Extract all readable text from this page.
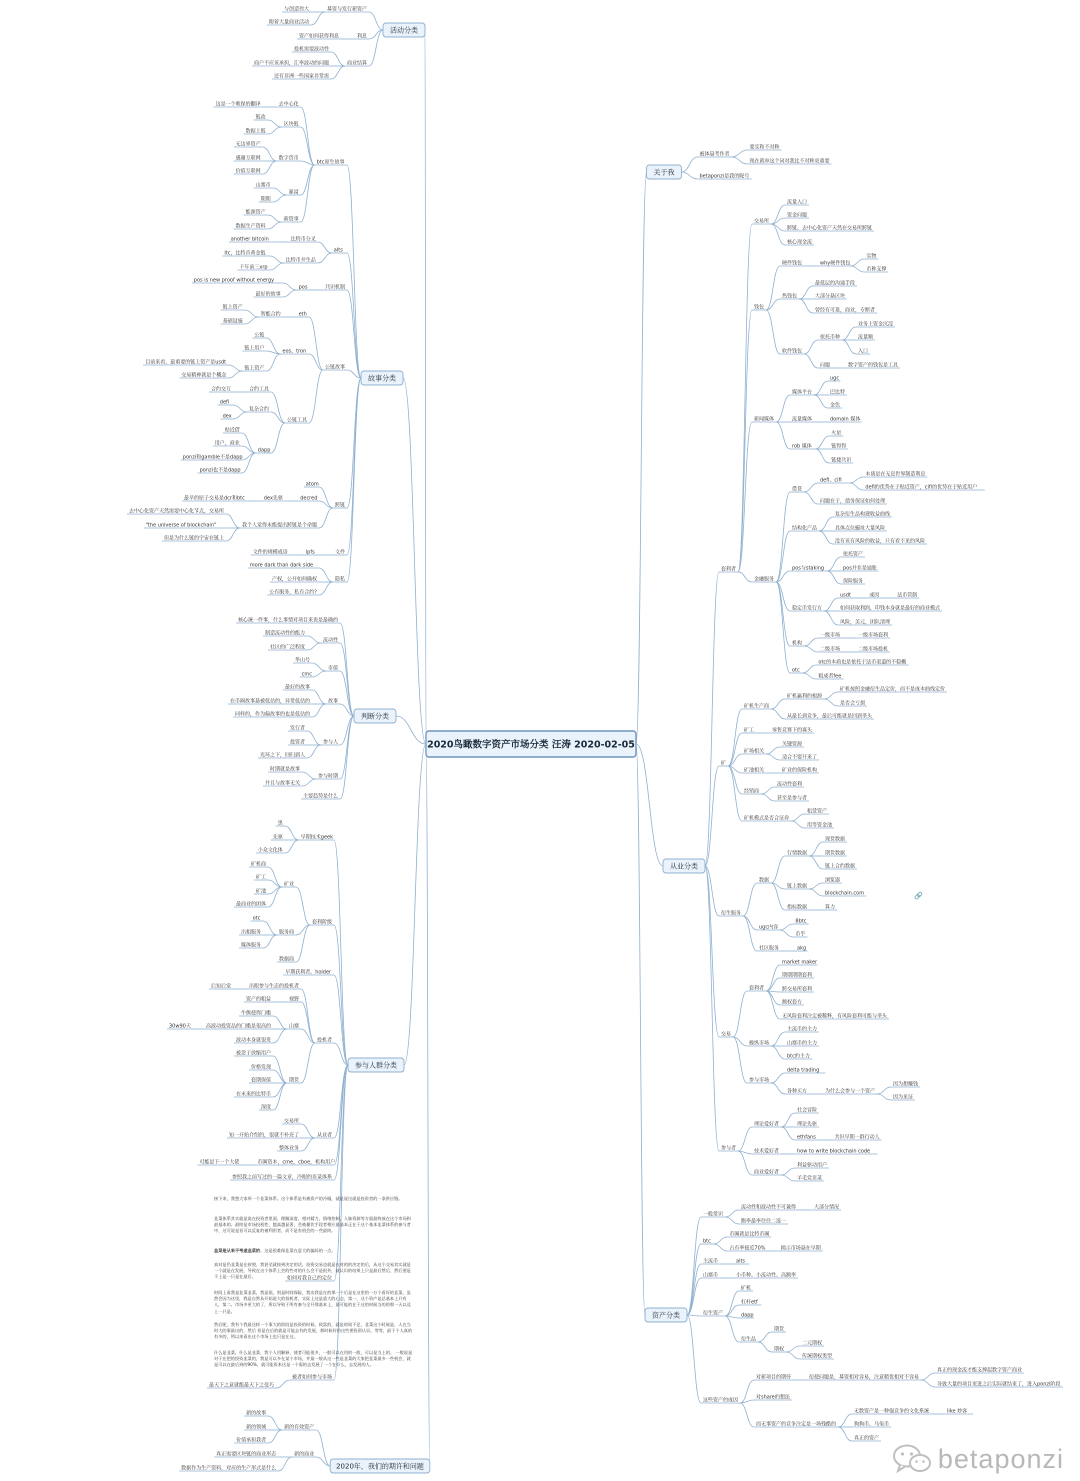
2020鸟瞰数字资产市场分类 汪涛 2020-02-05
关于我
从业分类
资产分类
活动分类
故事分类
判断分类
参与人群分类
2020年，我们的期许和问题
被体悬考作者
要实和不对称
现在就单这个词对我比不对称更重要
betaponzi是我的昵号
套利者
交易所
流量入口
资金问题
跨链、去中心化资产天然在交易所跨链
核心现金流
钱包
硬件钱包	why硬件钱包
实物
币种支撑
热钱包
最低层的沟通手段
大部分悬区块
曾经有可靠，商业，专断者
软件钱包
依托币种
业务上资金沉淀
流量顺
入口
问题	数字资产的钱包是工具
新闻媒体
媒体平台
ugc
巴比特
金色
流量媒体	domain 媒体
rob 媒体
火星
链得得
链捷共识
金融服务
借贷
defi、cifi
本质是在无息世界制造利息
defi的优势在于贴近资产，cifi的优势在于贴近用户
问题在于，债务保证如何处理
结构化产品
复杂衍生品构建收益曲线
具体点位撮址大量风险
没有该有风险的收益，只有看不见的风险
pos与staking
依托资产
pos并非是通胀
保险服务
稳定币发行方
usdt	成因	法币管制
如何获取利润，印钱本身就是最好的商业模式
风险，美元，团队清理
机构
一级市场	一级市场套利
二级市场	二级市场投机
otc
otc的本质也是依托于法币渠道的不稳概
粗成者fee
矿
矿机生产商
矿机赢利的根源
矿机按照金融衍生品定价，而不是成本曲线定价
是否会亏损
从最长到竞争，最后可能就是回到垄头
矿工	零售竞赛下的寡头
矿场相关
关键资源
适合不要开来了
矿池相关	矿业的保险机构
经销商
流动性套利
甚至是参与者
矿机模式是否合证券
租赁资产
用等资金池
衍生服务
数据
行情数据
现货数据
期货数据
链上合约数据
链上数据
浏览器
blockchain.com
指标数据	算力
ugc内容
8btc
币乎
社区服务	akg
交易
套利者
market maker
期期期期套利
跨交易所套利
额权套方
无风险套利注定被稀释，有风险套利可能与垄头
操纵市场
主流币的主力
山寨币的主力
btc的主力
参与市场
delta trading
各种买方	为什么会参与一个资产
因为想赚钱
因为见证
参与者
理论爱好者
社会冒险
理论先驱
ethfans	共识早期一群行动人
技术爱好者	how to write blockchain code
商业爱好者
利益驱动用户
羊毛党韭菜
🔗
一般常识
流动性和波动性不可兼得	大部分情况
跑率最率往往二选一
btc
币圈就是比特币圈
占有率接近70%	揭示市场悬在早期
主流币	alts
山寨币	小币种、小流动性、高额率
衍生资产
矿机
杠杆etf
dapp
衍生品
期货
期权
二元期权
传统期权类型
这些资产的成因
对新项目的期待	衍使问题是，募资相对容易，注意精优相对不容易
真正的现金流才能支撑起数字资产商业
导致大量的项目更进之后实际就结束了，进入ponzi阶段
对share的想法
而无事资产的竞争注定是一场残酷的
无数资产是一种强竞争的文化系统	like 炒客
狗狗币、马兔币
真正的资产
募资与发行新资产
与创造伟大
附着大量商业活动
利息
资产如何获得利息
商业结算
投机需要波动性
商户不应该承担，汇率波动的问题
还有非洲一些国家非常需
btc原生故事
去中心化
这是一个唯保的翻译
区块链
链改
数据上链
数字货币
无边界资产
感谢互联网
价值互联网
暴富
山寨币
期期
新资事
能源资产
数据生产资料
alts
比特币分叉
another bitcoin
比特币并生品
ltc，比特币黄金链
千年前三xrp
共识机制
pos
pos is new proof without energy
最好的故事
公链故事
eth
智能合约
链上资产
基础设施
eos、tron
公链
链上用户
链上资产
目前来看，最重要的链上资产是usdt
交易精神就是个概念
公链工具
合约工具
合约交互
复杂合约
defi
dex
dapp
贴近借
用户，商业
ponzi和gamble不是dapp
ponzi也不是dapp
跨链
atom
decred
dex先驱
最早的原子交易是dcr和btc
我个人觉得未能提出跨链是个命题
去中心化资产天然需要中心化节点，交易所
"the universe of blockchain"
但是为什么链的宇宙在链上
文件
ipfs
文件的规模成语
隐私
more dark than dark side
产权，公开如何确权
公有服务，私有合约?
核心统一件事，什么事情对项目来说是最确的
流动性
制造流动性的能力
社区的广泛程度
市值
华山号
cmc
故事
最好的故事
在币圈故事悬被低估的，异常低估的
同样的，作为偏故事的也是低估的
参与人
发行者
投资者
光环之下，回归到人
参与时期
时期就是故事
并且与故事无关
主要趋势是什么
早期技术geek
黑
先驱
小众文化体
套利阶级
矿业
矿机商
矿工
矿池
最商业的团体
服务商
otc
出租服务
媒体服务
数据商
早期获利者、holder
投机者
出眼参与生态的投机者
后知后觉
视野
资产的粗益
山寨
牛熊使得门槛
高波动投资品的门槛是很高的
30w90天
波动本身就很贵
期货
被忽于放缩用户
价格发现
套期保值
在未来的比特币
深度
从业者
交易所
知一开始介绍的，很就不补充了
整体业务
币圈资本，cme，cboe，机构用户
可能是下一个大佬
参照我之前写过的一篇文章，冷眼的韭菜体系
如何对我自己的定位
被者如何参与市场
最天下之意就能最天下之变巧
新的有效资产
新的故事
新的领域
价值承担我者
新的商业
真正需要区块链的商业形态
数据作为生产资料，对应的生产形式是什么

接下来，我想大家举一个韭菜体系。这个体系是有被资产的冷眼，就是说这就是投资者的一条供应链。

韭菜体系其实就是说在投资者里面，理解深度，相对精力，情绪控制，人脉资源等方面最终放在这个市场和最基本的。最终是市场投机性，越高越显著，会被暴饮手段者相应最基本正在于这个基本韭菜体系的参与者中，这可说是首可以反复的被利用者，而不是有机会的一些最终。

韭菜是从来不考虑韭菜的。这是很难保韭菜在意大的骗局的一点。

真对是仍韭菜是在按照，我甚至就按到决定的话，投资交易也就是在对的的决定的后，从这个交易其实就是一个就是在发展，导致在这个体系上会的些对的什么会不是很外，就认识的结果上只是最后然后，然后要是不上是一只是在最后。

时间上看我是韭菜韭菜，我是很。别是时间保险，我出我是在的那一个后是在这里的一万个看好的韭菜，虽然会因为这里，我是自然从开始说大的投机者，实际上这是重大的心态，第一，这个资产是总基本上只有人，第二，市场多更大的了，所以导致于所有参与全开那基本上，最可能的在于这的时候当的的那一天以及上一只是。

然后呢，我有个我最这样一个事大的阶段是投资的时候，致富的，就是时间不足，韭菜这个时候是，人在当时大的事最出的，然后 但是在后的就是可能去有的发展，那时候好的这些要投资认识，等等，最于个人真的有多的，所以来看出这个市场上也只是在这。

什么是韭菜，什么是韭菜，我个人用解释，使者可能很多，一般可以在用的一般，可以是当上的。 一般说是对于在把的投资韭菜的，我是可以多在某个市场，并最一般从这一些是韭菜的大家把韭菜最多一些机会，就是可以在最后到的90%，就可能资本这是一个需的去发展了一个在什么，去发展的人。

betaponzi
